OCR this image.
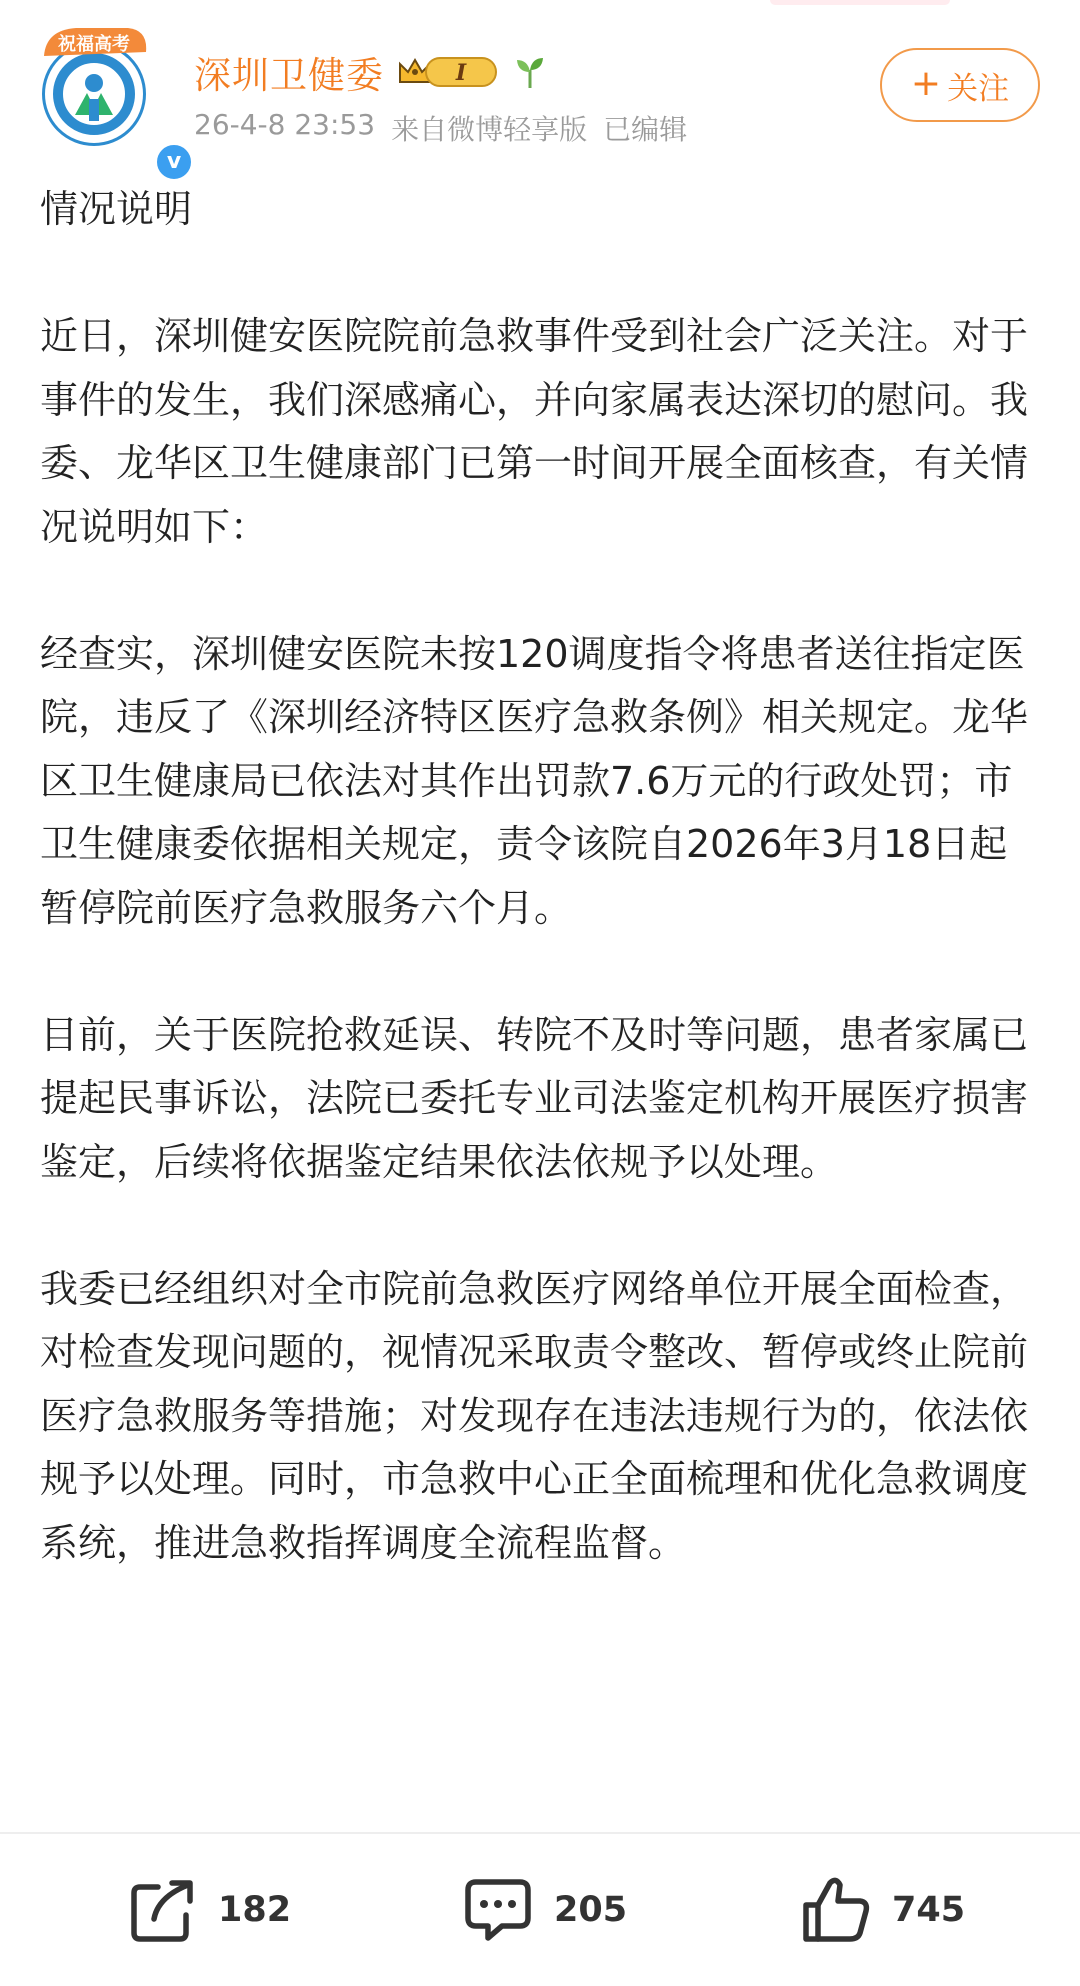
祝福高考
v
深圳卫健委	I
26-4-8 23:53 来自微博轻享版 已编辑
+ 关注

情况说明

近日，深圳健安医院院前急救事件受到社会广泛关注。对于事件的发生，我们深感痛心，并向家属表达深切的慰问。我委、龙华区卫生健康部门已第一时间开展全面核查，有关情况说明如下：

经查实，深圳健安医院未按120调度指令将患者送往指定医院，违反了《深圳经济特区医疗急救条例》相关规定。龙华区卫生健康局已依法对其作出罚款7.6万元的行政处罚；市卫生健康委依据相关规定，责令该院自2026年3月18日起暂停院前医疗急救服务六个月。

目前，关于医院抢救延误、转院不及时等问题，患者家属已提起民事诉讼，法院已委托专业司法鉴定机构开展医疗损害鉴定，后续将依据鉴定结果依法依规予以处理。

我委已经组织对全市院前急救医疗网络单位开展全面检查，对检查发现问题的，视情况采取责令整改、暂停或终止院前医疗急救服务等措施；对发现存在违法违规行为的，依法依规予以处理。同时，市急救中心正全面梳理和优化急救调度系统，推进急救指挥调度全流程监督。

182	205	745
